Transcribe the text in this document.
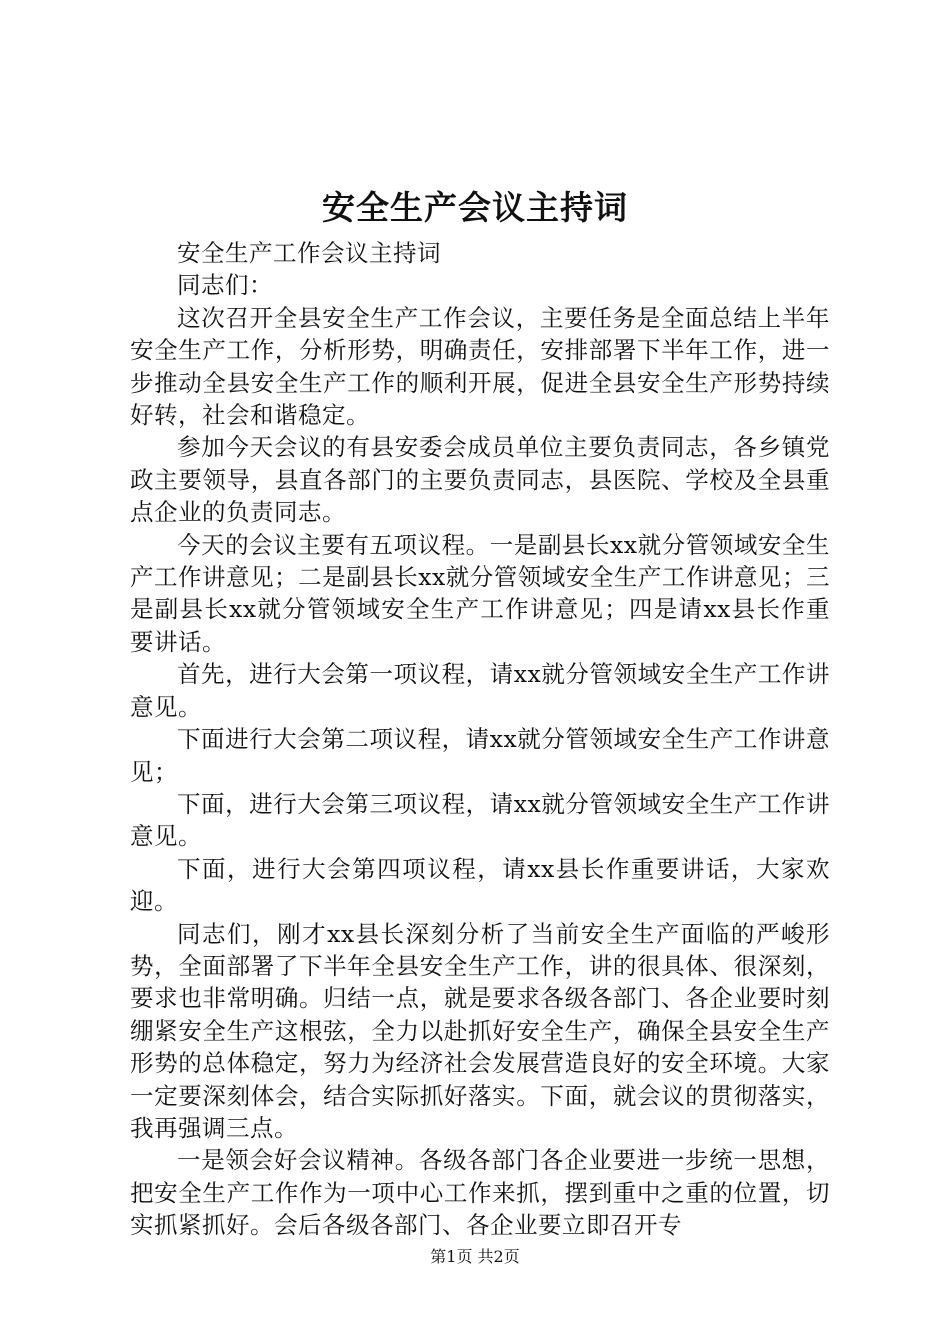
安全生产会议主持词

安全生产工作会议主持词

同志们：

这次召开全县安全生产工作会议，主要任务是全面总结上半年安全生产工作，分析形势，明确责任，安排部署下半年工作，进一步推动全县安全生产工作的顺利开展，促进全县安全生产形势持续好转，社会和谐稳定。

参加今天会议的有县安委会成员单位主要负责同志，各乡镇党政主要领导，县直各部门的主要负责同志，县医院、学校及全县重点企业的负责同志。

今天的会议主要有五项议程。一是副县长xx就分管领域安全生产工作讲意见；二是副县长xx就分管领域安全生产工作讲意见；三是副县长xx就分管领域安全生产工作讲意见；四是请xx县长作重要讲话。

首先，进行大会第一项议程，请xx就分管领域安全生产工作讲意见。

下面进行大会第二项议程，请xx就分管领域安全生产工作讲意见；

下面，进行大会第三项议程，请xx就分管领域安全生产工作讲意见。

下面，进行大会第四项议程，请xx县长作重要讲话，大家欢迎。

同志们，刚才xx县长深刻分析了当前安全生产面临的严峻形势，全面部署了下半年全县安全生产工作，讲的很具体、很深刻，要求也非常明确。归结一点，就是要求各级各部门、各企业要时刻绷紧安全生产这根弦，全力以赴抓好安全生产，确保全县安全生产形势的总体稳定，努力为经济社会发展营造良好的安全环境。大家一定要深刻体会，结合实际抓好落实。下面，就会议的贯彻落实，我再强调三点。

一是领会好会议精神。各级各部门各企业要进一步统一思想，把安全生产工作作为一项中心工作来抓，摆到重中之重的位置，切实抓紧抓好。会后各级各部门、各企业要立即召开专

第1页 共2页
